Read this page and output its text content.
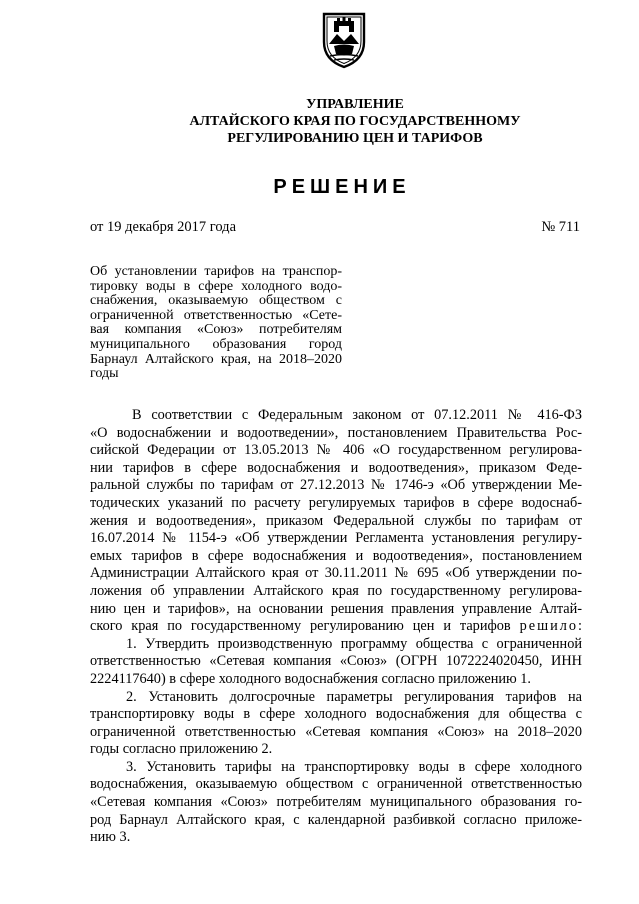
УПРАВЛЕНИЕ
АЛТАЙСКОГО КРАЯ ПО ГОСУДАРСТВЕННОМУ
РЕГУЛИРОВАНИЮ ЦЕН И ТАРИФОВ
РЕШЕНИЕ
от 19 декабря 2017 года	№ 711
Об установлении тарифов на транспор-
тировку воды в сфере холодного водо-
снабжения, оказываемую обществом с
ограниченной ответственностью «Сете-
вая компания «Союз» потребителям
муниципального образования город
Барнаул Алтайского края, на 2018–2020
годы
В соответствии с Федеральным законом от 07.12.2011 № 416-ФЗ
«О водоснабжении и водоотведении», постановлением Правительства Рос-
сийской Федерации от 13.05.2013 № 406 «О государственном регулирова-
нии тарифов в сфере водоснабжения и водоотведения», приказом Феде-
ральной службы по тарифам от 27.12.2013 № 1746-э «Об утверждении Ме-
тодических указаний по расчету регулируемых тарифов в сфере водоснаб-
жения и водоотведения», приказом Федеральной службы по тарифам от
16.07.2014 № 1154-э «Об утверждении Регламента установления регулиру-
емых тарифов в сфере водоснабжения и водоотведения», постановлением
Администрации Алтайского края от 30.11.2011 № 695 «Об утверждении по-
ложения об управлении Алтайского края по государственному регулирова-
нию цен и тарифов», на основании решения правления управление Алтай-
ского края по государственному регулированию цен и тарифов решило:
1. Утвердить производственную программу общества с ограниченной
ответственностью «Сетевая компания «Союз» (ОГРН 1072224020450, ИНН
2224117640) в сфере холодного водоснабжения согласно приложению 1.
2. Установить долгосрочные параметры регулирования тарифов на
транспортировку воды в сфере холодного водоснабжения для общества с
ограниченной ответственностью «Сетевая компания «Союз» на 2018–2020
годы согласно приложению 2.
3. Установить тарифы на транспортировку воды в сфере холодного
водоснабжения, оказываемую обществом с ограниченной ответственностью
«Сетевая компания «Союз» потребителям муниципального образования го-
род Барнаул Алтайского края, с календарной разбивкой согласно приложе-
нию 3.
